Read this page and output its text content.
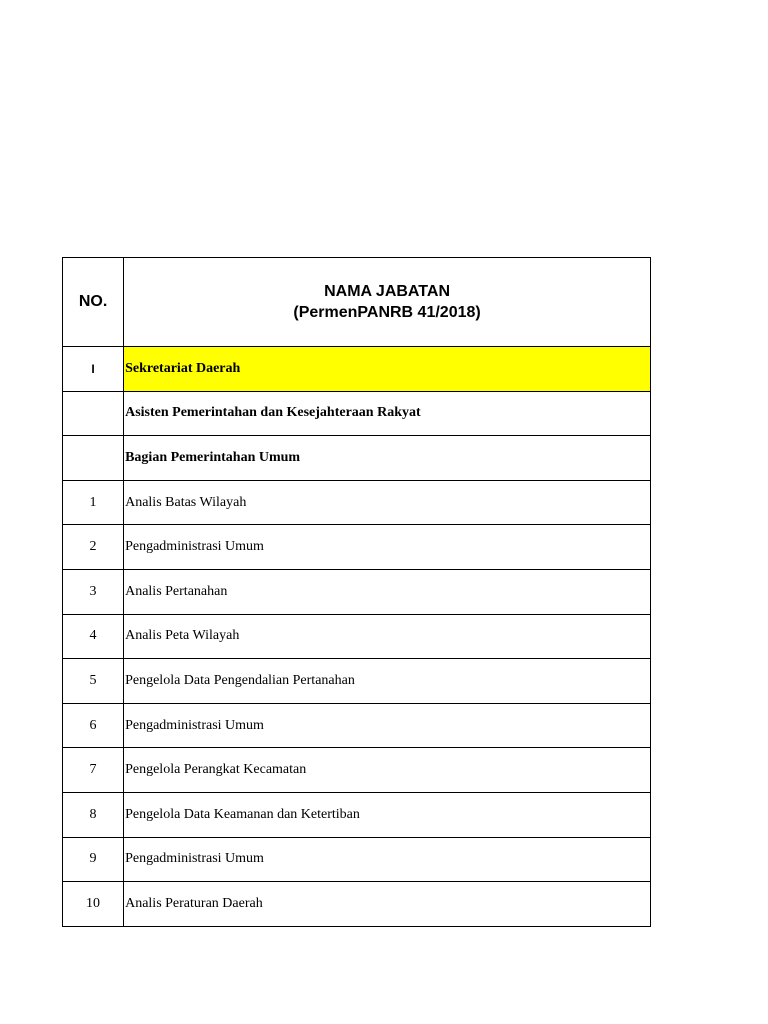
NO.	NAMA JABATAN
(PermenPANRB 41/2018)

I	Sekretariat Daerah
	Asisten Pemerintahan dan Kesejahteraan Rakyat
	Bagian Pemerintahan Umum
1	Analis Batas Wilayah
2	Pengadministrasi Umum
3	Analis Pertanahan
4	Analis Peta Wilayah
5	Pengelola Data Pengendalian Pertanahan
6	Pengadministrasi Umum
7	Pengelola Perangkat Kecamatan
8	Pengelola Data Keamanan dan Ketertiban
9	Pengadministrasi Umum
10	Analis Peraturan Daerah
